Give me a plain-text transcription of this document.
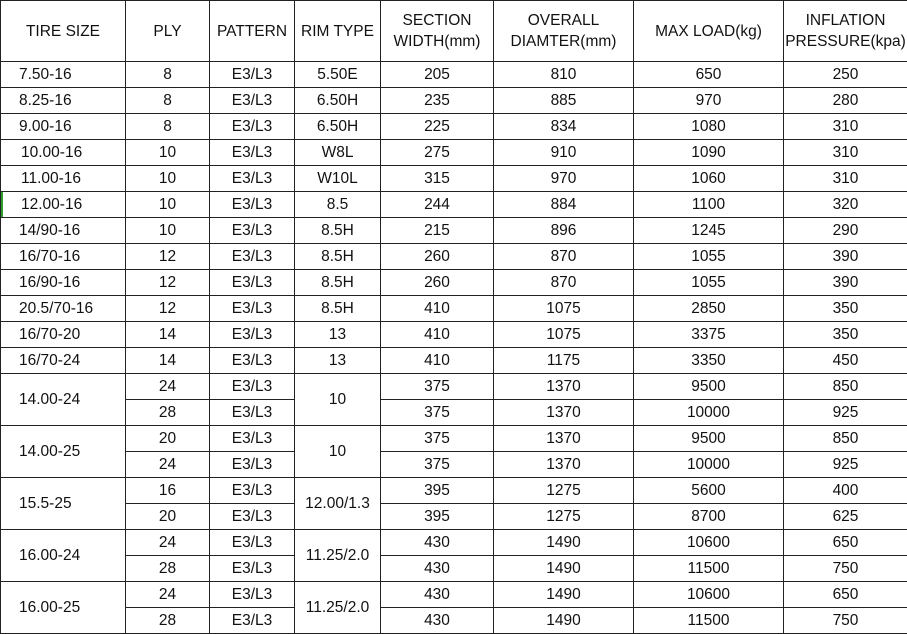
TIRE SIZE	PLY	PATTERN	RIM TYPE	SECTION WIDTH(mm)	OVERALL DIAMTER(mm)	MAX LOAD(kg)	INFLATION PRESSURE(kpa)
7.50-16	8	E3/L3	5.50E	205	810	650	250
8.25-16	8	E3/L3	6.50H	235	885	970	280
9.00-16	8	E3/L3	6.50H	225	834	1080	310
10.00-16	10	E3/L3	W8L	275	910	1090	310
11.00-16	10	E3/L3	W10L	315	970	1060	310
12.00-16	10	E3/L3	8.5	244	884	1100	320
14/90-16	10	E3/L3	8.5H	215	896	1245	290
16/70-16	12	E3/L3	8.5H	260	870	1055	390
16/90-16	12	E3/L3	8.5H	260	870	1055	390
20.5/70-16	12	E3/L3	8.5H	410	1075	2850	350
16/70-20	14	E3/L3	13	410	1075	3375	350
16/70-24	14	E3/L3	13	410	1175	3350	450
14.00-24	24	E3/L3	10	375	1370	9500	850
	28	E3/L3		375	1370	10000	925
14.00-25	20	E3/L3	10	375	1370	9500	850
	24	E3/L3		375	1370	10000	925
15.5-25	16	E3/L3	12.00/1.3	395	1275	5600	400
	20	E3/L3		395	1275	8700	625
16.00-24	24	E3/L3	11.25/2.0	430	1490	10600	650
	28	E3/L3		430	1490	11500	750
16.00-25	24	E3/L3	11.25/2.0	430	1490	10600	650
	28	E3/L3		430	1490	11500	750
